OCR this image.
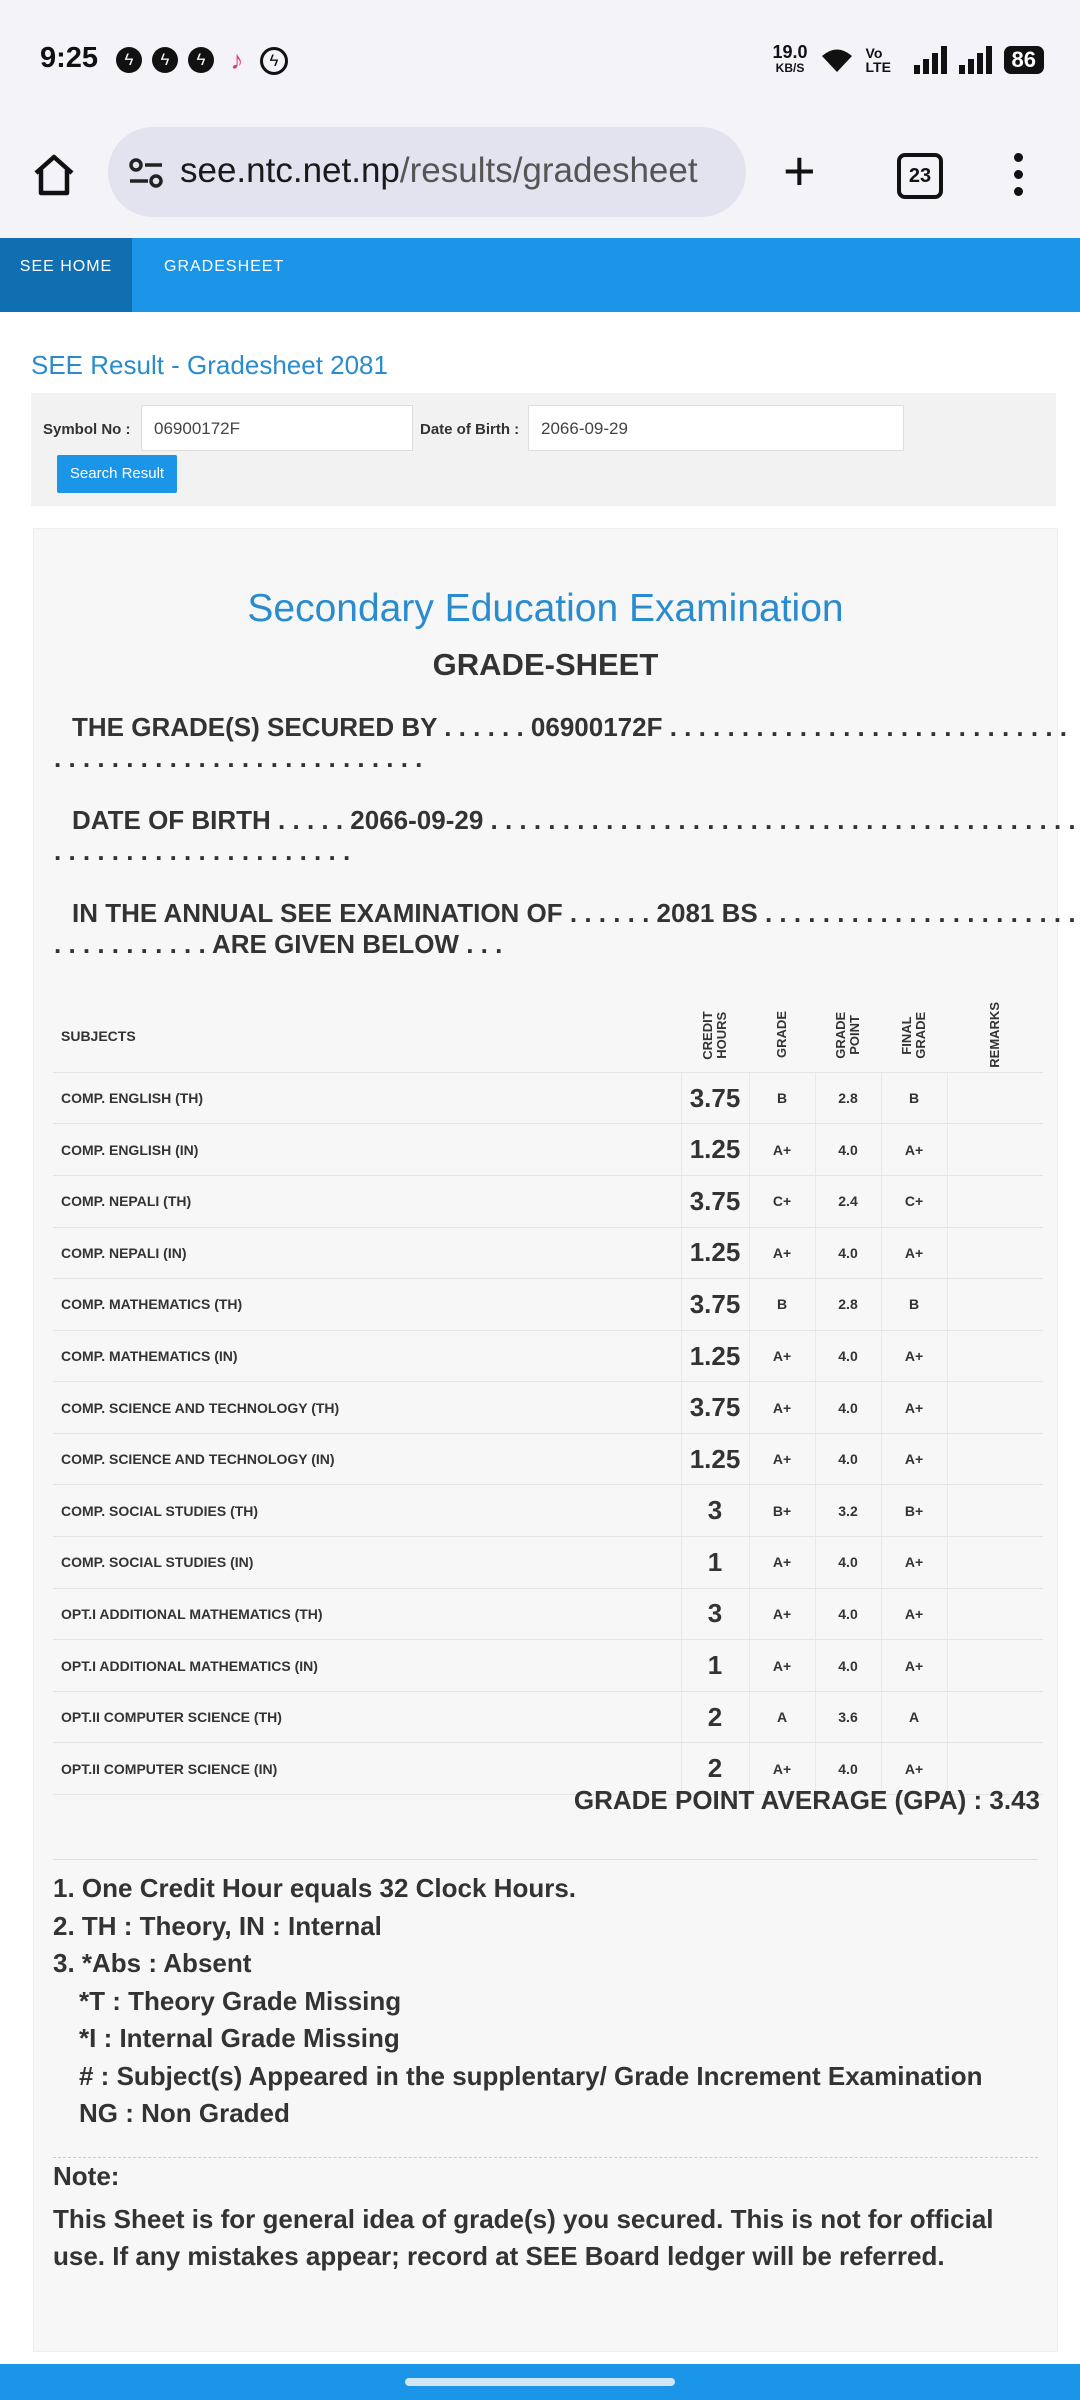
9:25	ϟ	ϟ	ϟ ♪	ϟ	19.0
KB/S
Vo LTE	86
see.ntc.net.np/results/gradesheet +	23
SEE HOME	GRADESHEET
SEE Result - Gradesheet 2081
Symbol No :	06900172F	Date of Birth :	2066-09-29
Search Result
Secondary Education Examination
GRADE-SHEET
THE GRADE(S) SECURED BY . . . . . . 06900172F . . . . . . . . . . . . . . . . . . . . . . . . . . . . . . . . . . . . . . . . . . . . . . . . . . . . . .
DATE OF BIRTH . . . . . 2066-09-29 . . . . . . . . . . . . . . . . . . . . . . . . . . . . . . . . . . . . . . . . . . . . . . . . . . . . . . . . . . . . . .
IN THE ANNUAL SEE EXAMINATION OF . . . . . . 2081 BS . . . . . . . . . . . . . . . . . . . . . . . . . . . . . . . . . ARE GIVEN BELOW . . .
SUBJECTS	CREDIT HOURS	GRADE	GRADE POINT	FINAL GRADE	REMARKS
COMP. ENGLISH (TH)	3.75	B	2.8	B	
COMP. ENGLISH (IN)	1.25	A+	4.0	A+	
COMP. NEPALI (TH)	3.75	C+	2.4	C+	
COMP. NEPALI (IN)	1.25	A+	4.0	A+	
COMP. MATHEMATICS (TH)	3.75	B	2.8	B	
COMP. MATHEMATICS (IN)	1.25	A+	4.0	A+	
COMP. SCIENCE AND TECHNOLOGY (TH)	3.75	A+	4.0	A+	
COMP. SCIENCE AND TECHNOLOGY (IN)	1.25	A+	4.0	A+	
COMP. SOCIAL STUDIES (TH)	3	B+	3.2	B+	
COMP. SOCIAL STUDIES (IN)	1	A+	4.0	A+	
OPT.I ADDITIONAL MATHEMATICS (TH)	3	A+	4.0	A+	
OPT.I ADDITIONAL MATHEMATICS (IN)	1	A+	4.0	A+	
OPT.II COMPUTER SCIENCE (TH)	2	A	3.6	A	
OPT.II COMPUTER SCIENCE (IN)	2	A+	4.0	A+	
GRADE POINT AVERAGE (GPA) : 3.43
1. One Credit Hour equals 32 Clock Hours.
2. TH : Theory, IN : Internal
3. *Abs : Absent
*T : Theory Grade Missing
*I : Internal Grade Missing
# : Subject(s) Appeared in the supplentary/ Grade Increment Examination
NG : Non Graded
Note:
This Sheet is for general idea of grade(s) you secured. This is not for official use. If any mistakes appear; record at SEE Board ledger will be referred.
